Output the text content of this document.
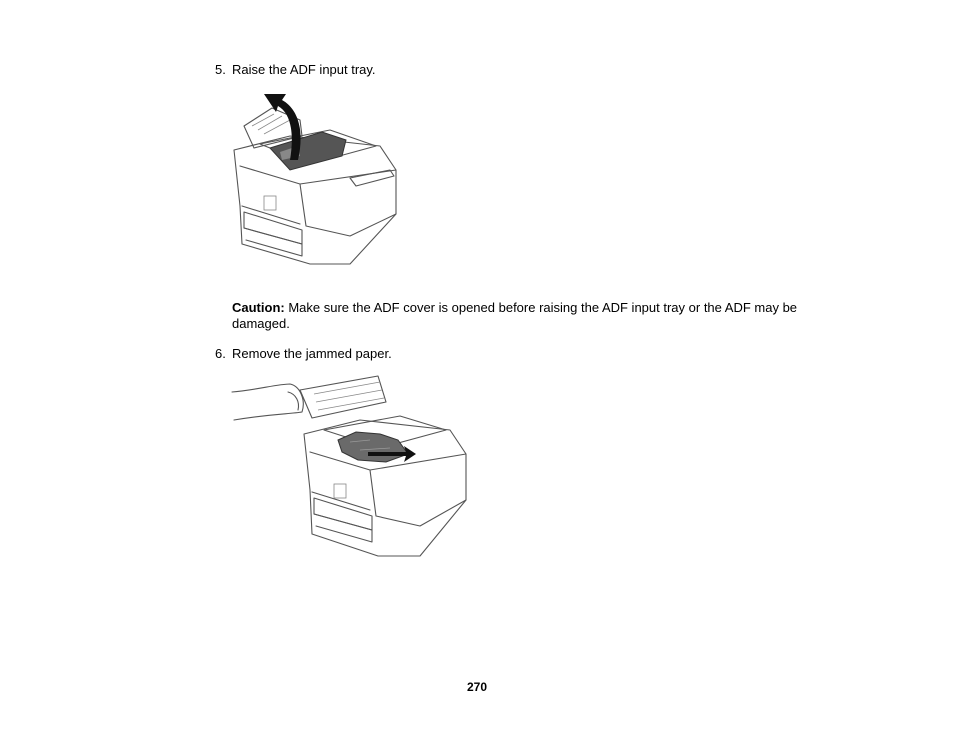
5. Raise the ADF input tray.
Caution: Make sure the ADF cover is opened before raising the ADF input tray or the ADF may be damaged.
6. Remove the jammed paper.
270
